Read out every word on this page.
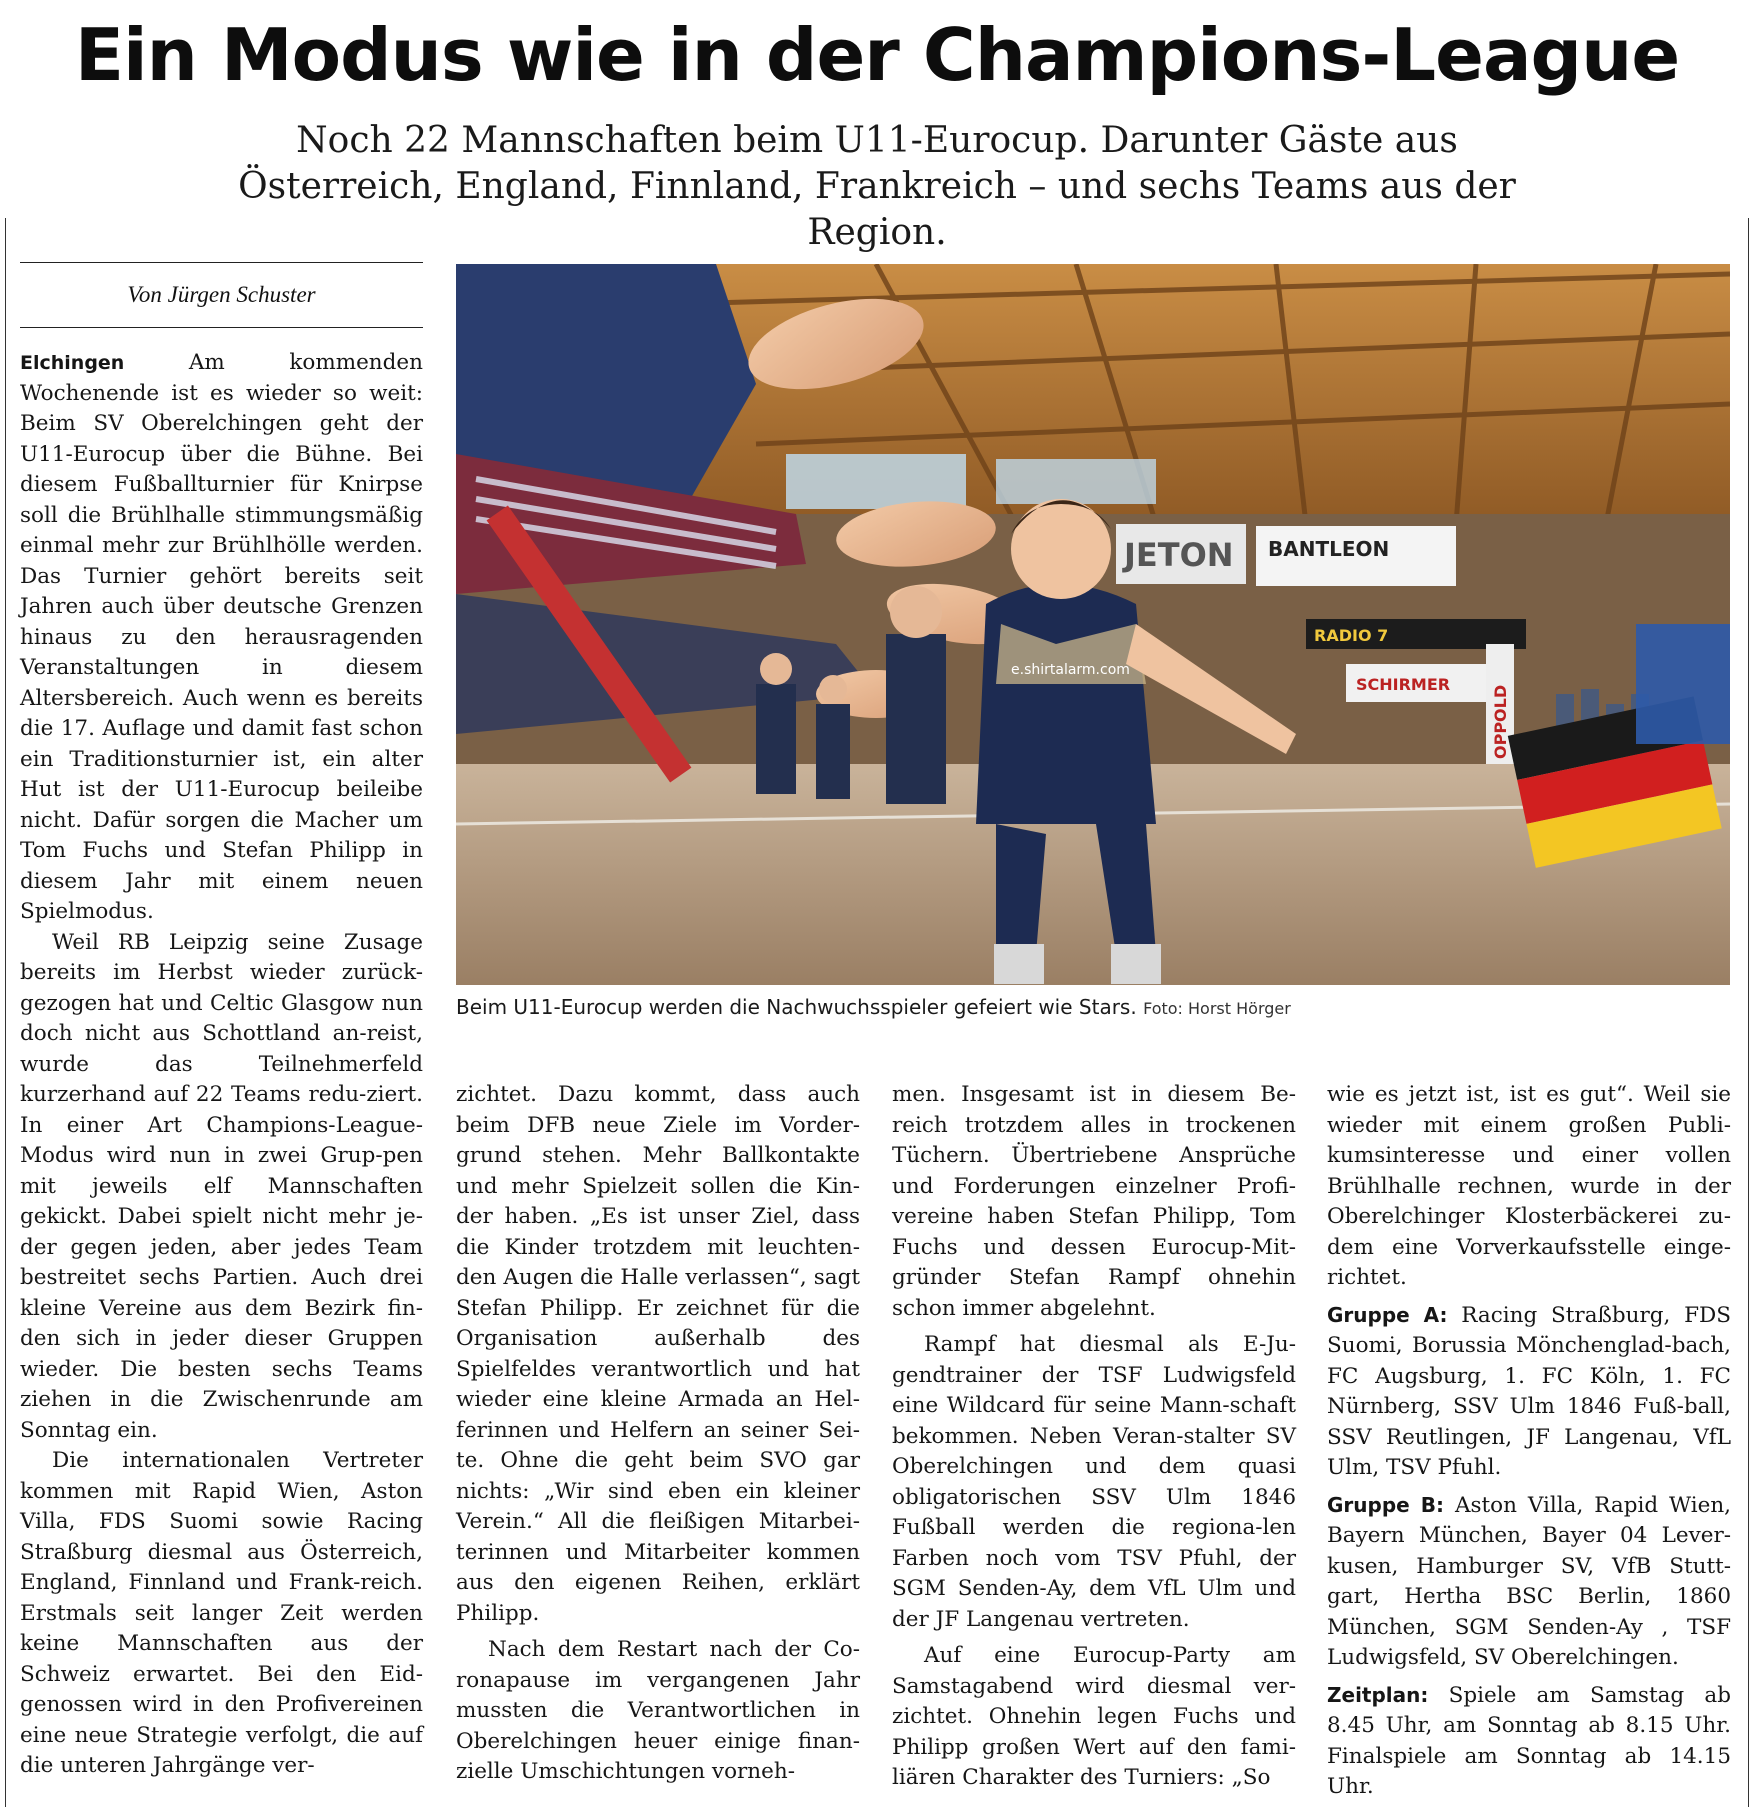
Ein Modus wie in der Champions-League

Noch 22 Mannschaften beim U11-Eurocup. Darunter Gäste aus Österreich, England, Finnland, Frankreich – und sechs Teams aus der Region.

Von Jürgen Schuster

Elchingen	Am kommenden Wochenende ist es wieder so weit: Beim SV Oberelchingen geht der U11-Eurocup über die Bühne. Bei diesem Fußballturnier für Knirpse soll die Brühlhalle stimmungsmäßig einmal mehr zur Brühlhölle werden. Das Turnier gehört bereits seit Jahren auch über deutsche Grenzen hinaus zu den herausragenden Veranstaltungen in diesem Altersbereich. Auch wenn es bereits die 17. Auflage und damit fast schon ein Traditionsturnier ist, ein alter Hut ist der U11-Eurocup beileibe nicht. Dafür sorgen die Macher um Tom Fuchs und Stefan Philipp in diesem Jahr mit einem neuen Spielmodus.

Weil RB Leipzig seine Zusage bereits im Herbst wieder zurück-gezogen hat und Celtic Glasgow nun doch nicht aus Schottland an-reist, wurde das Teilnehmerfeld kurzerhand auf 22 Teams redu-ziert. In einer Art Champions-League-Modus wird nun in zwei Grup-pen mit jeweils elf Mannschaften gekickt. Dabei spielt nicht mehr je-der gegen jeden, aber jedes Team bestreitet sechs Partien. Auch drei kleine Vereine aus dem Bezirk fin-den sich in jeder dieser Gruppen wieder. Die besten sechs Teams ziehen in die Zwischenrunde am Sonntag ein.

Die internationalen Vertreter kommen mit Rapid Wien, Aston Villa, FDS Suomi sowie Racing Straßburg diesmal aus Österreich, England, Finnland und Frank-reich. Erstmals seit langer Zeit werden keine Mannschaften aus der Schweiz erwartet. Bei den Eid-genossen wird in den Profivereinen eine neue Strategie verfolgt, die auf die unteren Jahrgänge ver-

JETON BANTLEON
RADIO 7
SCHIRMER
OPPOLD
e.shirtalarm.com
Beim U11-Eurocup werden die Nachwuchsspieler gefeiert wie Stars. Foto: Horst Hörger

zichtet. Dazu kommt, dass auch beim DFB neue Ziele im Vorder-grund stehen. Mehr Ballkontakte und mehr Spielzeit sollen die Kin-der haben. „Es ist unser Ziel, dass die Kinder trotzdem mit leuchten-den Augen die Halle verlassen“, sagt Stefan Philipp. Er zeichnet für die Organisation außerhalb des Spielfeldes verantwortlich und hat wieder eine kleine Armada an Hel-ferinnen und Helfern an seiner Sei-te. Ohne die geht beim SVO gar nichts: „Wir sind eben ein kleiner Verein.“ All die fleißigen Mitarbei-terinnen und Mitarbeiter kommen aus den eigenen Reihen, erklärt Philipp.

Nach dem Restart nach der Co-ronapause im vergangenen Jahr mussten die Verantwortlichen in Oberelchingen heuer einige finan-zielle Umschichtungen vorneh-

men. Insgesamt ist in diesem Be-reich trotzdem alles in trockenen Tüchern. Übertriebene Ansprüche und Forderungen einzelner Profi-vereine haben Stefan Philipp, Tom Fuchs und dessen Eurocup-Mit-gründer Stefan Rampf ohnehin schon immer abgelehnt.

Rampf hat diesmal als E-Ju-gendtrainer der TSF Ludwigsfeld eine Wildcard für seine Mann-schaft bekommen. Neben Veran-stalter SV Oberelchingen und dem quasi obligatorischen SSV Ulm 1846 Fußball werden die regiona-len Farben noch vom TSV Pfuhl, der SGM Senden-Ay, dem VfL Ulm und der JF Langenau vertreten.

Auf eine Eurocup-Party am Samstagabend wird diesmal ver-zichtet. Ohnehin legen Fuchs und Philipp großen Wert auf den fami-liären Charakter des Turniers: „So

wie es jetzt ist, ist es gut“. Weil sie wieder mit einem großen Publi-kumsinteresse und einer vollen Brühlhalle rechnen, wurde in der Oberelchinger Klosterbäckerei zu-dem eine Vorverkaufsstelle einge-richtet.

Gruppe A: Racing Straßburg, FDS Suomi, Borussia Mönchenglad-bach, FC Augsburg, 1. FC Köln, 1. FC Nürnberg, SSV Ulm 1846 Fuß-ball, SSV Reutlingen, JF Langenau, VfL Ulm, TSV Pfuhl.

Gruppe B: Aston Villa, Rapid Wien, Bayern München, Bayer 04 Lever-kusen, Hamburger SV, VfB Stutt-gart, Hertha BSC Berlin, 1860 München, SGM Senden-Ay , TSF Ludwigsfeld, SV Oberelchingen.

Zeitplan: Spiele am Samstag ab 8.45 Uhr, am Sonntag ab 8.15 Uhr. Finalspiele am Sonntag ab 14.15 Uhr.
